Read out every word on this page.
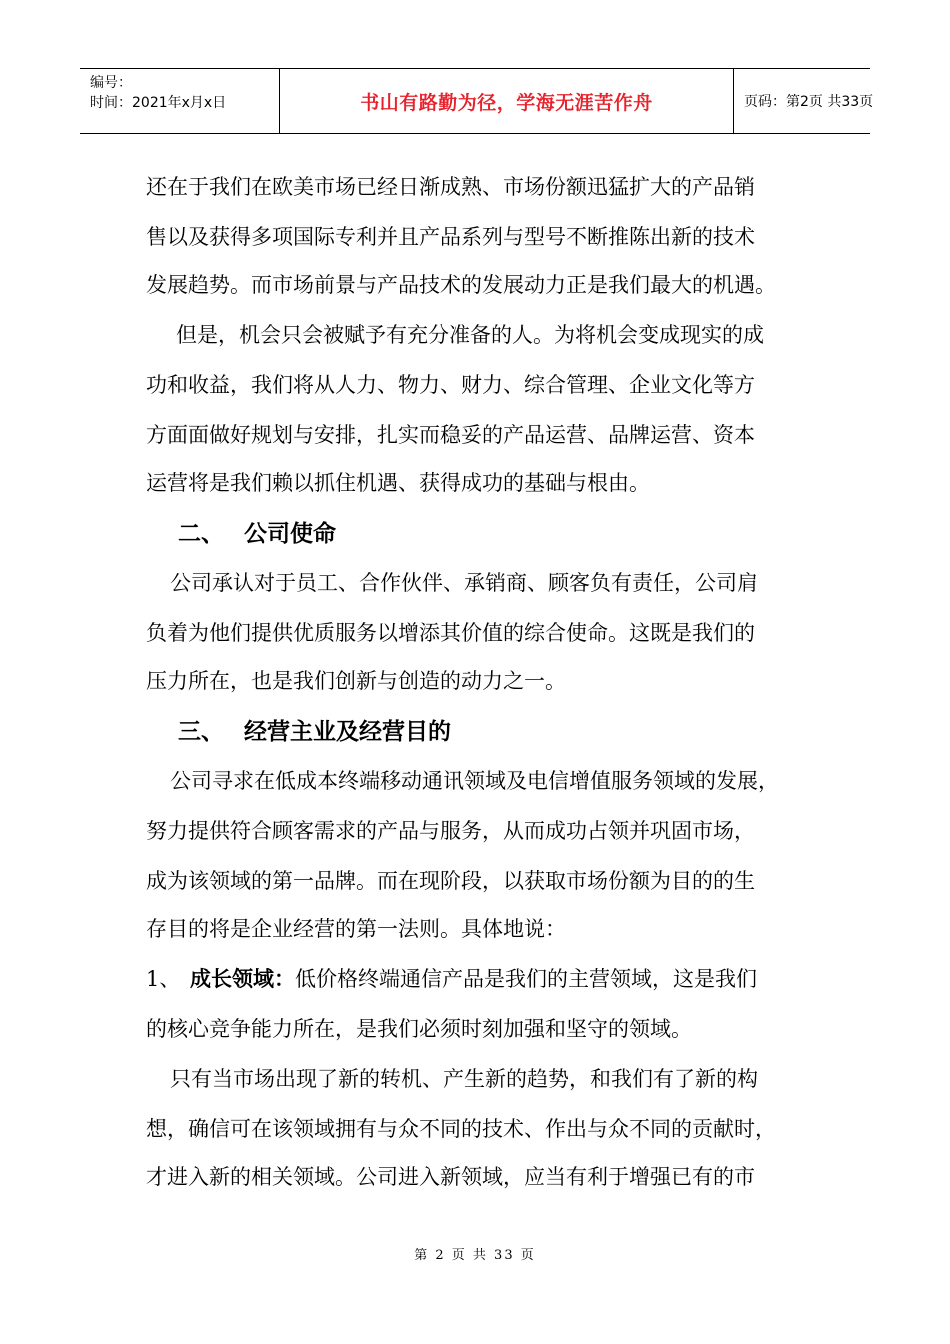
编号：
时间：2021年x月x日	书山有路勤为径，学海无涯苦作舟	页码：第2页 共33页
还在于我们在欧美市场已经日渐成熟、市场份额迅猛扩大的产品销
售以及获得多项国际专利并且产品系列与型号不断推陈出新的技术
发展趋势。而市场前景与产品技术的发展动力正是我们最大的机遇。
但是，机会只会被赋予有充分准备的人。为将机会变成现实的成
功和收益，我们将从人力、物力、财力、综合管理、企业文化等方
方面面做好规划与安排，扎实而稳妥的产品运营、品牌运营、资本
运营将是我们赖以抓住机遇、获得成功的基础与根由。
二、 公司使命
公司承认对于员工、合作伙伴、承销商、顾客负有责任，公司肩
负着为他们提供优质服务以增添其价值的综合使命。这既是我们的
压力所在，也是我们创新与创造的动力之一。
三、 经营主业及经营目的
公司寻求在低成本终端移动通讯领域及电信增值服务领域的发展，
努力提供符合顾客需求的产品与服务，从而成功占领并巩固市场，
成为该领域的第一品牌。而在现阶段，以获取市场份额为目的的生
存目的将是企业经营的第一法则。具体地说：
1、 成长领域：低价格终端通信产品是我们的主营领域，这是我们
的核心竞争能力所在，是我们必须时刻加强和坚守的领域。
只有当市场出现了新的转机、产生新的趋势，和我们有了新的构
想，确信可在该领域拥有与众不同的技术、作出与众不同的贡献时，
才进入新的相关领域。公司进入新领域，应当有利于增强已有的市
第 2 页 共 33 页
